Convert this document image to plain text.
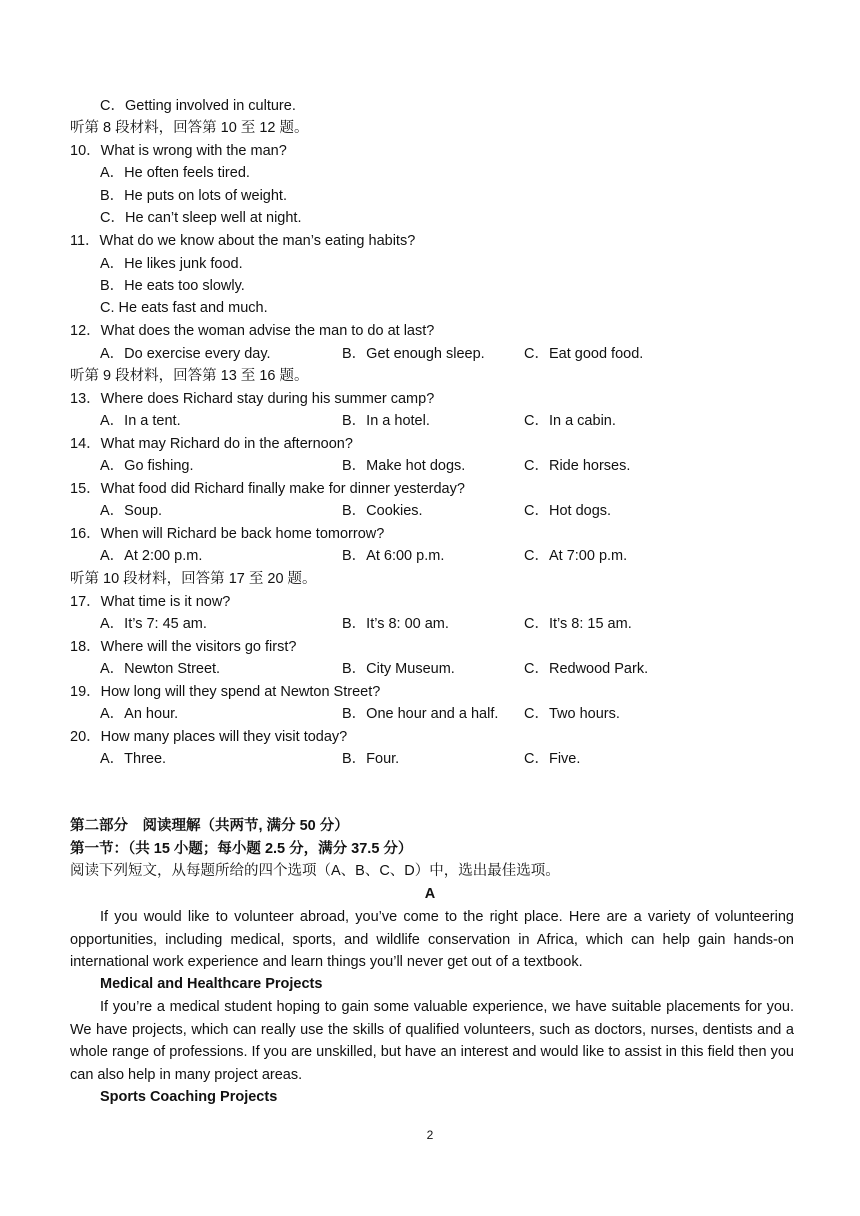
C．Getting involved in culture.
听第 8 段材料，回答第 10 至 12 题。
10．What is wrong with the man?
A．He often feels tired.
B．He puts on lots of weight.
C．He can’t sleep well at night.
11．What do we know about the man’s eating habits?
A．He likes junk food.
B．He eats too slowly.
C. He eats fast and much.
12．What does the woman advise the man to do at last?
A．Do exercise every day.	B．Get enough sleep.	C．Eat good food.
听第 9 段材料，回答第 13 至 16 题。
13．Where does Richard stay during his summer camp?
A．In a tent.	B．In a hotel.	C．In a cabin.
14．What may Richard do in the afternoon?
A．Go fishing.	B．Make hot dogs.	C．Ride horses.
15．What food did Richard finally make for dinner yesterday?
A．Soup.	B．Cookies.	C．Hot dogs.
16．When will Richard be back home tomorrow?
A．At 2:00 p.m.	B．At 6:00 p.m.	C．At 7:00 p.m.
听第 10 段材料，回答第 17 至 20 题。
17．What time is it now?
A．It’s 7: 45 am.	B．It’s 8: 00 am.	C．It’s 8: 15 am.
18．Where will the visitors go first?
A．Newton Street.	B．City Museum.	C．Redwood Park.
19．How long will they spend at Newton Street?
A．An hour.	B．One hour and a half. C．Two hours.
20．How many places will they visit today?
A．Three.	B．Four.	C．Five.
第二部分　阅读理解（共两节, 满分 50 分）
第一节：（共 15 小题；每小题 2.5 分，满分 37.5 分）
阅读下列短文，从每题所给的四个选项（A、B、C、D）中，选出最佳选项。
A

If you would like to volunteer abroad, you’ve come to the right place. Here are a variety of volunteering opportunities, including medical, sports, and wildlife conservation in Africa, which can help gain hands-on international work experience and learn things you’ll never get out of a textbook.

Medical and Healthcare Projects

If you’re a medical student hoping to gain some valuable experience, we have suitable placements for you. We have projects, which can really use the skills of qualified volunteers, such as doctors, nurses, dentists and a whole range of professions. If you are unskilled, but have an interest and would like to assist in this field then you can also help in many project areas.

Sports Coaching Projects
2
